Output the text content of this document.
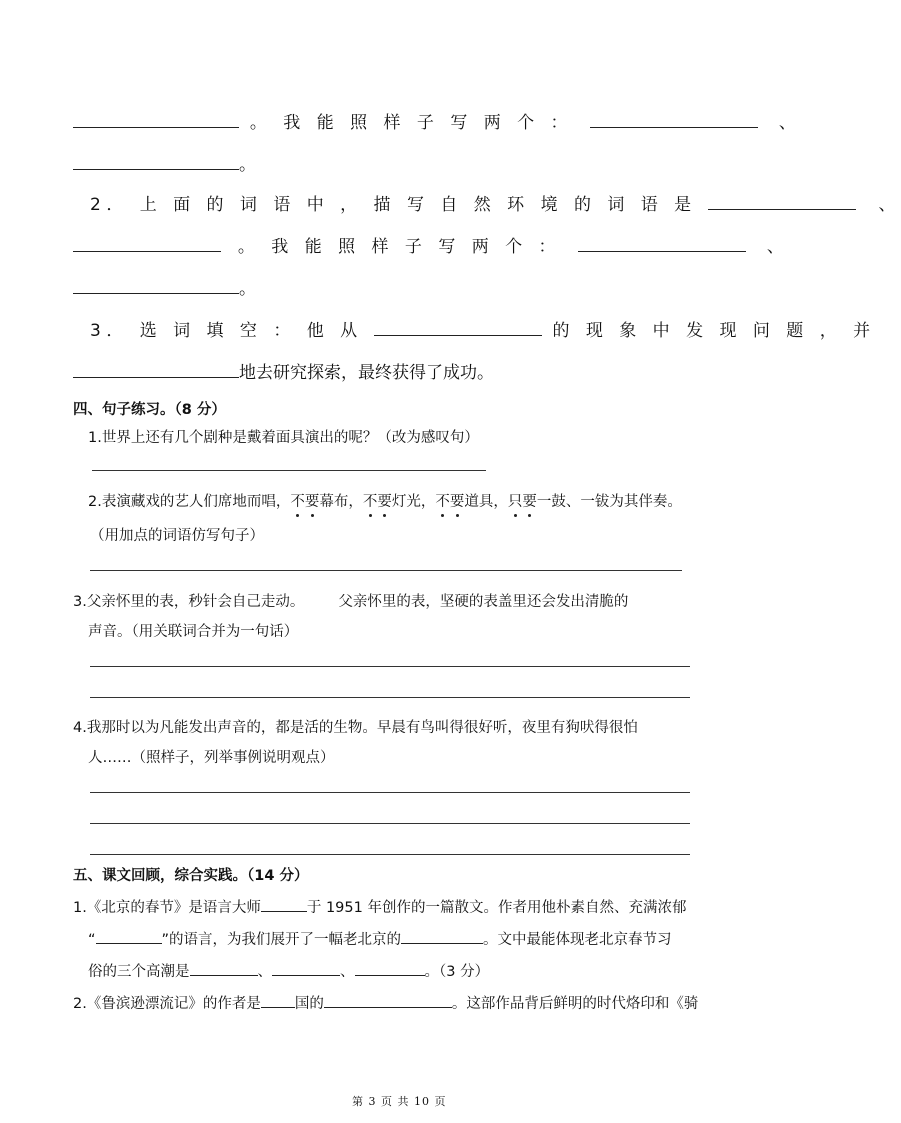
。 我 能 照 样 子 写 两 个 ：	、
。
2． 上 面 的 词 语 中 ， 描 写 自 然 环 境 的 词 语 是	、
。 我 能 照 样 子 写 两 个 ：	、
。
3． 选 词 填 空 ： 他 从	的 现 象 中 发 现 问 题 ， 并
地去研究探索，最终获得了成功。
四、句子练习。（8 分）
1.世界上还有几个剧种是戴着面具演出的呢？（改为感叹句）
2.表演藏戏的艺人们席地而唱，不要幕布，不要灯光，不要道具，只要一鼓、一钹为其伴奏。
（用加点的词语仿写句子）
3.父亲怀里的表，秒针会自己走动。 父亲怀里的表，坚硬的表盖里还会发出清脆的
声音。（用关联词合并为一句话）
4.我那时以为凡能发出声音的，都是活的生物。早晨有鸟叫得很好听，夜里有狗吠得很怕
人……（照样子，列举事例说明观点）
五、课文回顾，综合实践。（14 分）
1.《北京的春节》是语言大师	于 1951 年创作的一篇散文。作者用他朴素自然、充满浓郁
“	”的语言，为我们展开了一幅老北京的	。文中最能体现老北京春节习
俗的三个高潮是	、	、	。（3 分）
2.《鲁滨逊漂流记》的作者是 国的	。这部作品背后鲜明的时代烙印和《骑
第 3 页 共 10 页
